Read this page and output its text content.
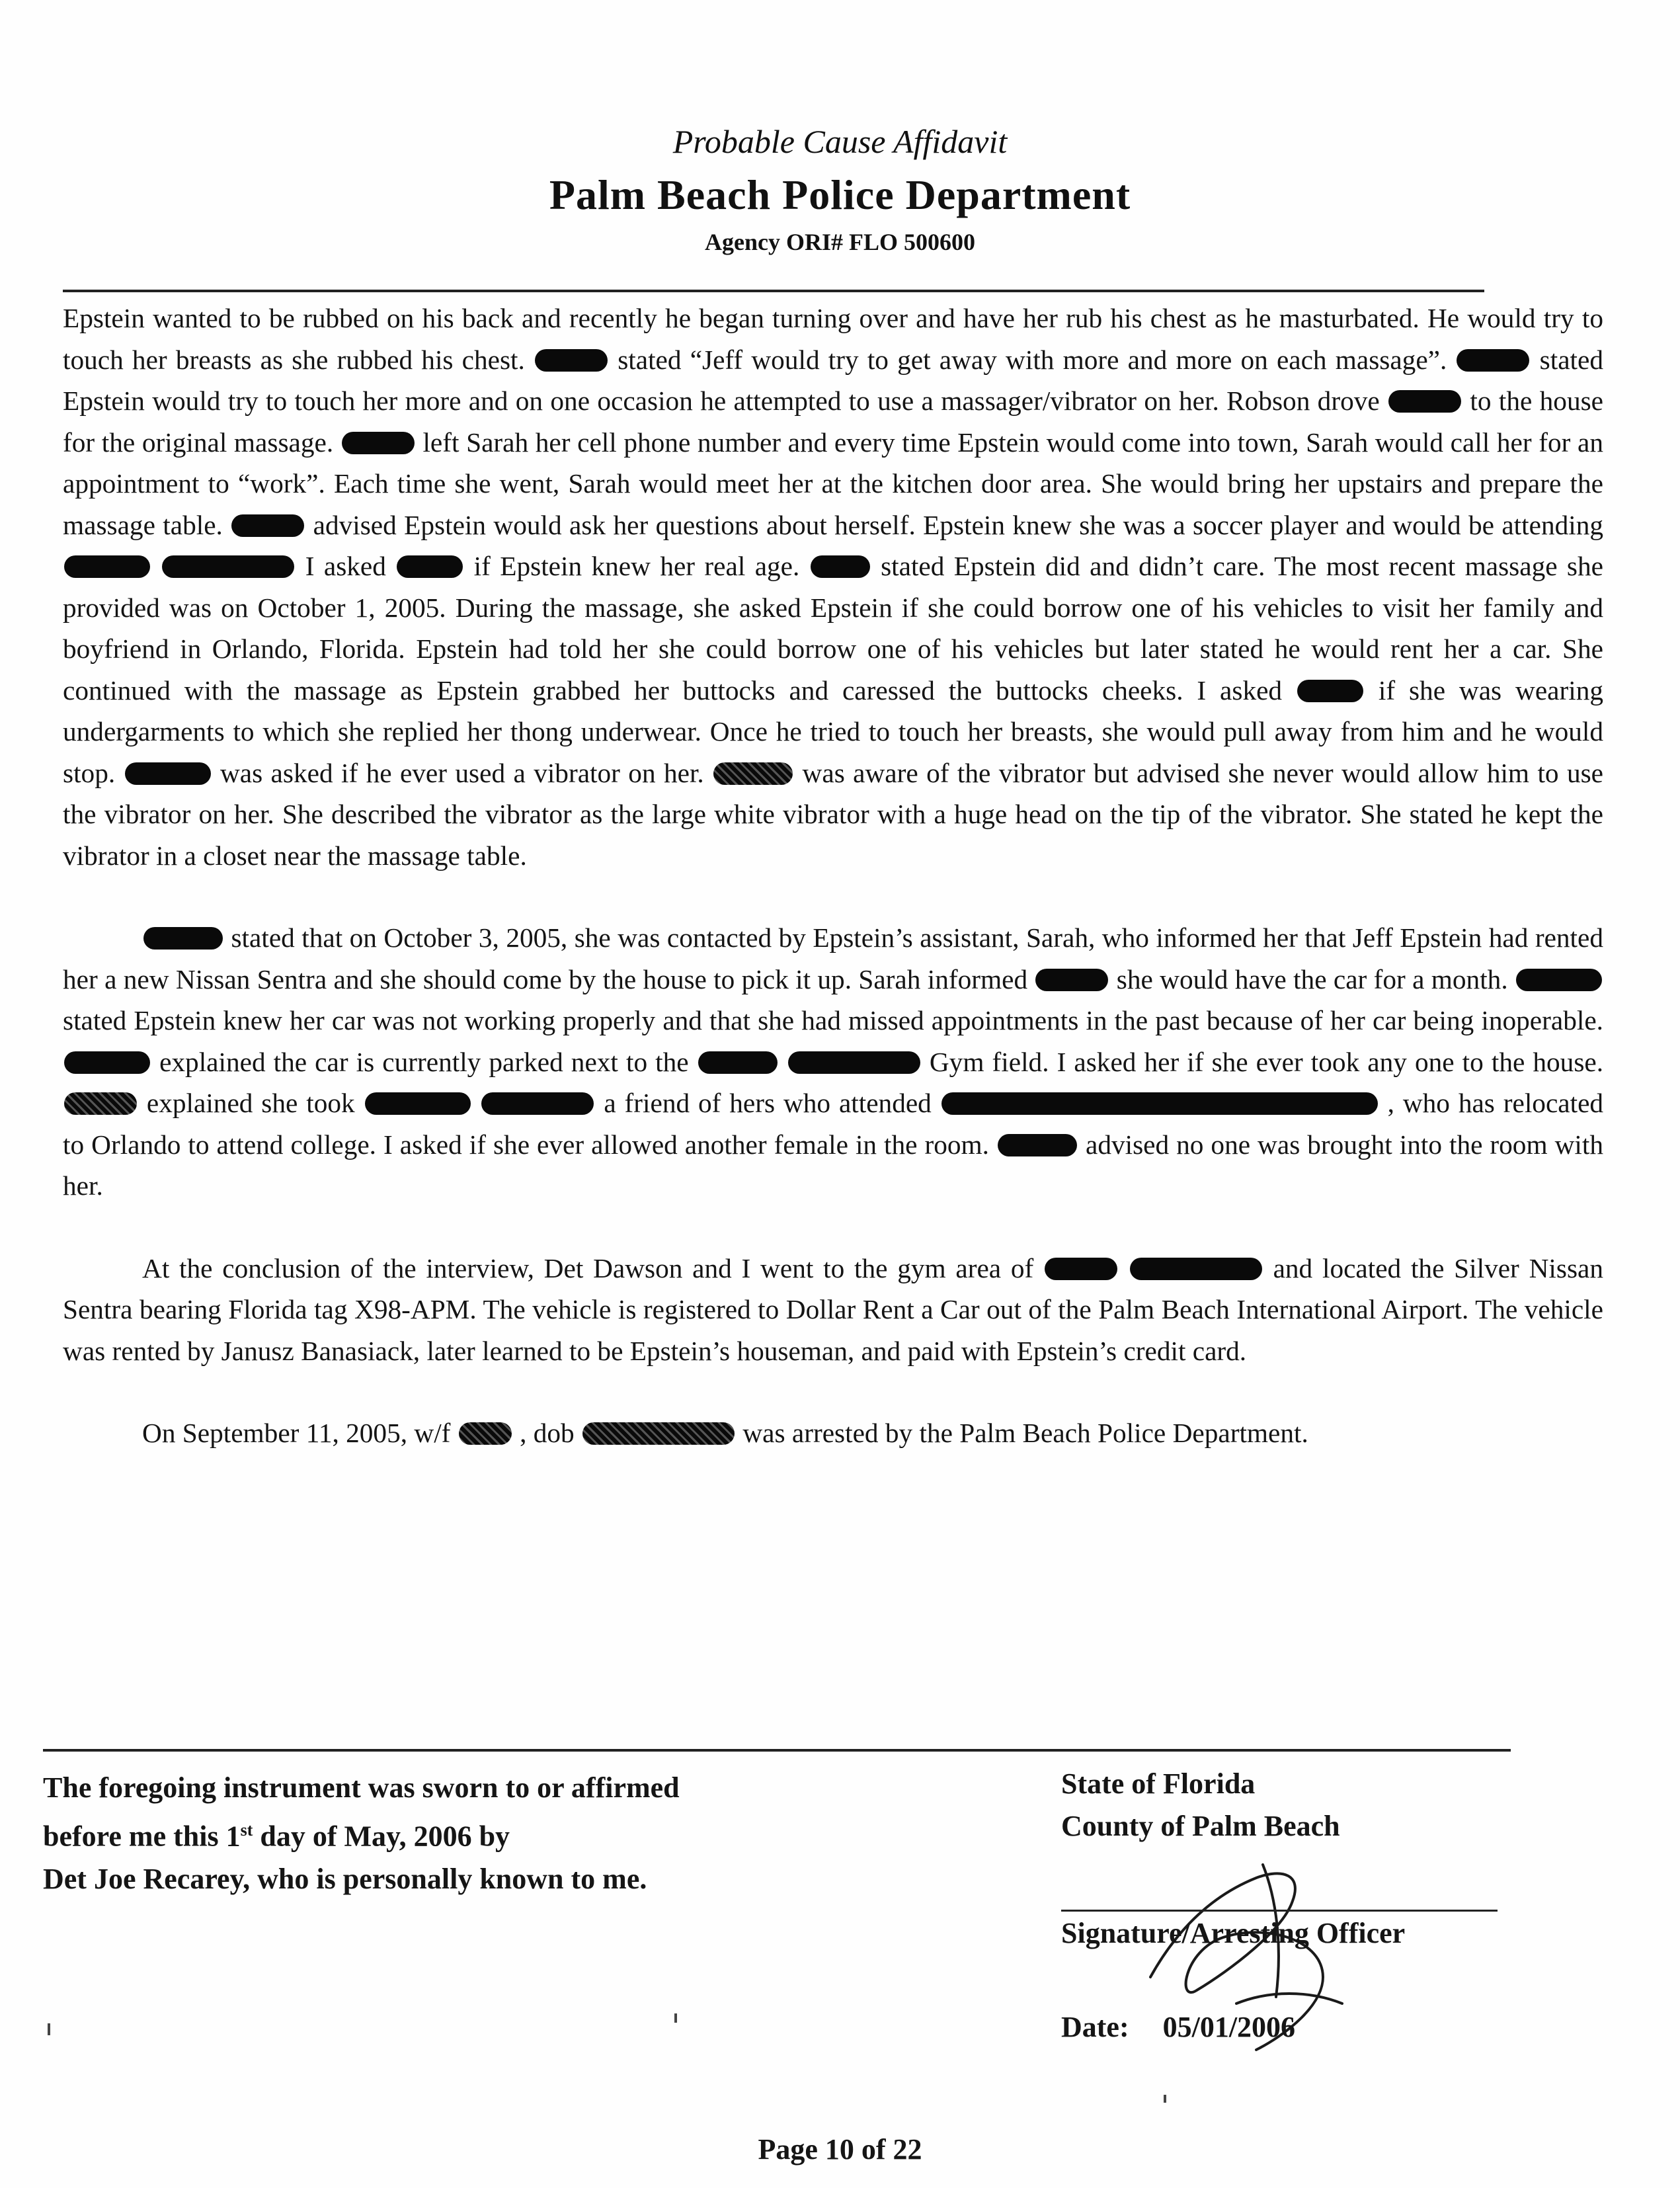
Probable Cause Affidavit
Palm Beach Police Department
Agency ORI# FLO 500600

Epstein wanted to be rubbed on his back and recently he began turning over and have her rub his chest as he masturbated. He would try to touch her breasts as she rubbed his chest.	stated “Jeff would try to get away with more and more on each massage”.	stated Epstein would try to touch her more and on one occasion he attempted to use a massager/vibrator on her. Robson drove	to the house for the original massage.	left Sarah her cell phone number and every time Epstein would come into town, Sarah would call her for an appointment to “work”. Each time she went, Sarah would meet her at the kitchen door area. She would bring her upstairs and prepare the massage table.	advised Epstein would ask her questions about herself. Epstein knew she was a soccer player and would be attending   I asked	if Epstein knew her real age.	stated Epstein did and didn’t care. The most recent massage she provided was on October 1, 2005. During the massage, she asked Epstein if she could borrow one of his vehicles to visit her family and boyfriend in Orlando, Florida. Epstein had told her she could borrow one of his vehicles but later stated he would rent her a car. She continued with the massage as Epstein grabbed her buttocks and caressed the buttocks cheeks. I asked	if she was wearing undergarments to which she replied her thong underwear. Once he tried to touch her breasts, she would pull away from him and he would stop.	was asked if he ever used a vibrator on her.	was aware of the vibrator but advised she never would allow him to use the vibrator on her. She described the vibrator as the large white vibrator with a huge head on the tip of the vibrator. She stated he kept the vibrator in a closet near the massage table.

stated that on October 3, 2005, she was contacted by Epstein’s assistant, Sarah, who informed her that Jeff Epstein had rented her a new Nissan Sentra and she should come by the house to pick it up. Sarah informed	she would have the car for a month.  stated Epstein knew her car was not working properly and that she had missed appointments in the past because of her car being inoperable.  explained the car is currently parked next to the	Gym field. I asked her if she ever took any one to the house.  explained she took	a friend of hers who attended	, who has relocated to Orlando to attend college. I asked if she ever allowed another female in the room.	advised no one was brought into the room with her.

At the conclusion of the interview, Det Dawson and I went to the gym area of	and located the Silver Nissan Sentra bearing Florida tag X98-APM. The vehicle is registered to Dollar Rent a Car out of the Palm Beach International Airport. The vehicle was rented by Janusz Banasiack, later learned to be Epstein’s houseman, and paid with Epstein’s credit card.

On September 11, 2005, w/f	, dob	was arrested by the Palm Beach Police Department.

The foregoing instrument was sworn to or affirmed
before me this 1st day of May, 2006 by
Det Joe Recarey, who is personally known to me.
State of Florida
County of Palm Beach
Signature/Arresting Officer
Date: 05/01/2006
Page 10 of 22
